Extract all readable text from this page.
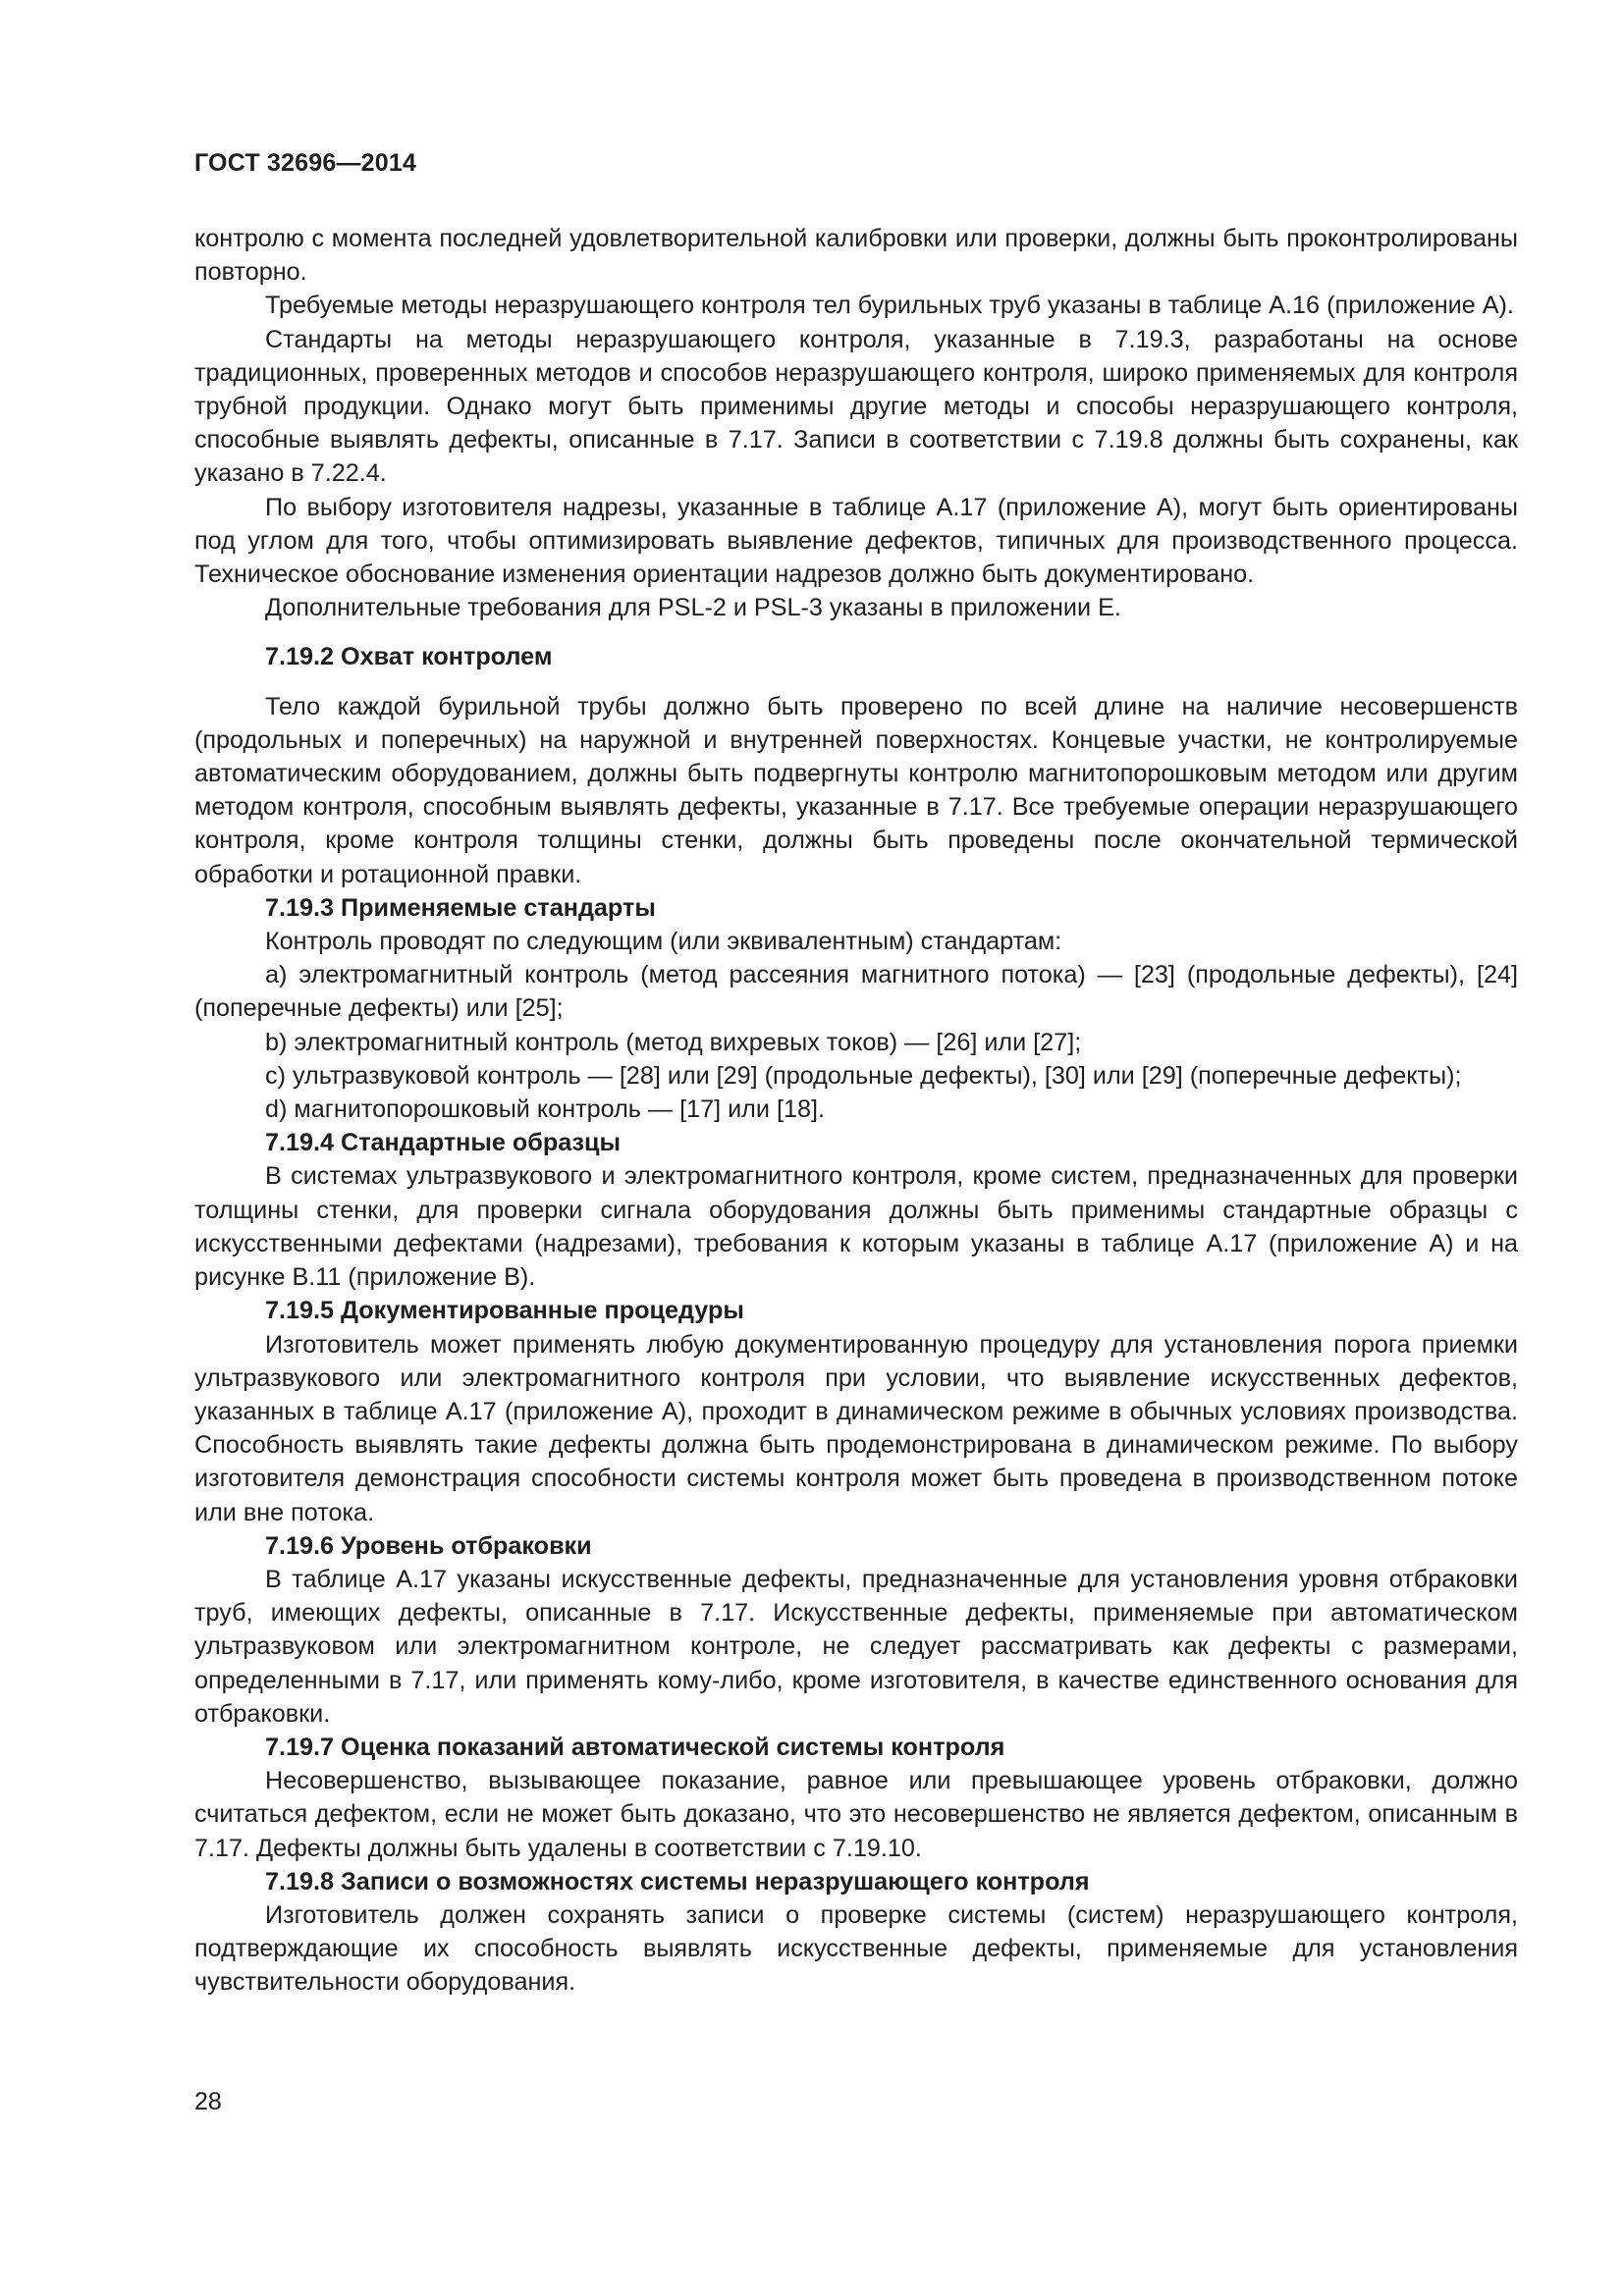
ГОСТ 32696—2014

контролю с момента последней удовлетворительной калибровки или проверки, должны быть проконтролированы повторно.

Требуемые методы неразрушающего контроля тел бурильных труб указаны в таблице А.16 (приложение А).

Стандарты на методы неразрушающего контроля, указанные в 7.19.3, разработаны на основе традиционных, проверенных методов и способов неразрушающего контроля, широко применяемых для контроля трубной продукции. Однако могут быть применимы другие методы и способы неразрушающего контроля, способные выявлять дефекты, описанные в 7.17. Записи в соответствии с 7.19.8 должны быть сохранены, как указано в 7.22.4.

По выбору изготовителя надрезы, указанные в таблице А.17 (приложение А), могут быть ориентированы под углом для того, чтобы оптимизировать выявление дефектов, типичных для производственного процесса. Техническое обоснование изменения ориентации надрезов должно быть документировано.

Дополнительные требования для PSL-2 и PSL-3 указаны в приложении Е.

7.19.2 Охват контролем

Тело каждой бурильной трубы должно быть проверено по всей длине на наличие несовершенств (продольных и поперечных) на наружной и внутренней поверхностях. Концевые участки, не контролируемые автоматическим оборудованием, должны быть подвергнуты контролю магнитопорошковым методом или другим методом контроля, способным выявлять дефекты, указанные в 7.17. Все требуемые операции неразрушающего контроля, кроме контроля толщины стенки, должны быть проведены после окончательной термической обработки и ротационной правки.

7.19.3 Применяемые стандарты

Контроль проводят по следующим (или эквивалентным) стандартам:

a) электромагнитный контроль (метод рассеяния магнитного потока) — [23] (продольные дефекты), [24] (поперечные дефекты) или [25];

b) электромагнитный контроль (метод вихревых токов) — [26] или [27];

c) ультразвуковой контроль — [28] или [29] (продольные дефекты), [30] или [29] (поперечные дефекты);

d) магнитопорошковый контроль — [17] или [18].

7.19.4 Стандартные образцы

В системах ультразвукового и электромагнитного контроля, кроме систем, предназначенных для проверки толщины стенки, для проверки сигнала оборудования должны быть применимы стандартные образцы с искусственными дефектами (надрезами), требования к которым указаны в таблице А.17 (приложение А) и на рисунке В.11 (приложение В).

7.19.5 Документированные процедуры

Изготовитель может применять любую документированную процедуру для установления порога приемки ультразвукового или электромагнитного контроля при условии, что выявление искусственных дефектов, указанных в таблице А.17 (приложение А), проходит в динамическом режиме в обычных условиях производства. Способность выявлять такие дефекты должна быть продемонстрирована в динамическом режиме. По выбору изготовителя демонстрация способности системы контроля может быть проведена в производственном потоке или вне потока.

7.19.6 Уровень отбраковки

В таблице А.17 указаны искусственные дефекты, предназначенные для установления уровня отбраковки труб, имеющих дефекты, описанные в 7.17. Искусственные дефекты, применяемые при автоматическом ультразвуковом или электромагнитном контроле, не следует рассматривать как дефекты с размерами, определенными в 7.17, или применять кому-либо, кроме изготовителя, в качестве единственного основания для отбраковки.

7.19.7 Оценка показаний автоматической системы контроля

Несовершенство, вызывающее показание, равное или превышающее уровень отбраковки, должно считаться дефектом, если не может быть доказано, что это несовершенство не является дефектом, описанным в 7.17. Дефекты должны быть удалены в соответствии с 7.19.10.

7.19.8 Записи о возможностях системы неразрушающего контроля

Изготовитель должен сохранять записи о проверке системы (систем) неразрушающего контроля, подтверждающие их способность выявлять искусственные дефекты, применяемые для установления чувствительности оборудования.

28
